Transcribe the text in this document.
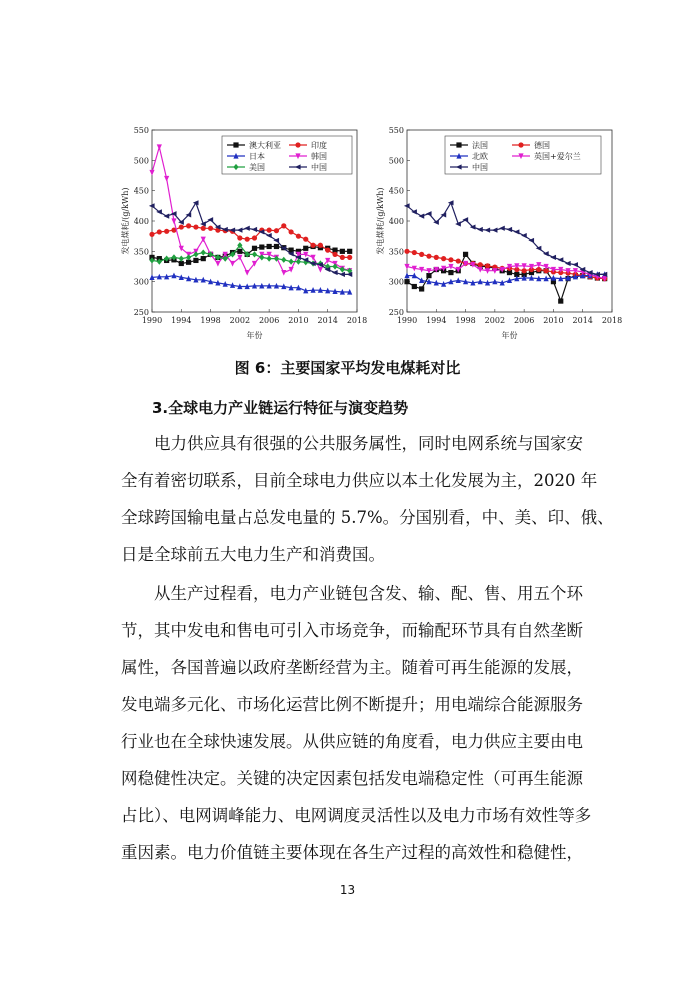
250
300
350
400
450
500
550
1990 1994 1998 2002 2006 2010 2014 2018
年份
发电煤耗/(g/kWh)
澳大利亚	印度
日本	韩国
美国	中国
250
300
350
400
450
500
550
1990 1994 1998 2002 2006 2010 2014 2018
年份
发电煤耗/(g/kWh)
法国	德国
北欧	英国+爱尔兰
中国
图 6：主要国家平均发电煤耗对比
3.全球电力产业链运行特征与演变趋势
电力供应具有很强的公共服务属性，同时电网系统与国家安
全有着密切联系，目前全球电力供应以本土化发展为主，2020 年
全球跨国输电量占总发电量的 5.7%。分国别看，中、美、印、俄、
日是全球前五大电力生产和消费国。
从生产过程看，电力产业链包含发、输、配、售、用五个环
节，其中发电和售电可引入市场竞争，而输配环节具有自然垄断
属性，各国普遍以政府垄断经营为主。随着可再生能源的发展，
发电端多元化、市场化运营比例不断提升；用电端综合能源服务
行业也在全球快速发展。从供应链的角度看，电力供应主要由电
网稳健性决定。关键的决定因素包括发电端稳定性（可再生能源
占比）、电网调峰能力、电网调度灵活性以及电力市场有效性等多
重因素。电力价值链主要体现在各生产过程的高效性和稳健性，
13
